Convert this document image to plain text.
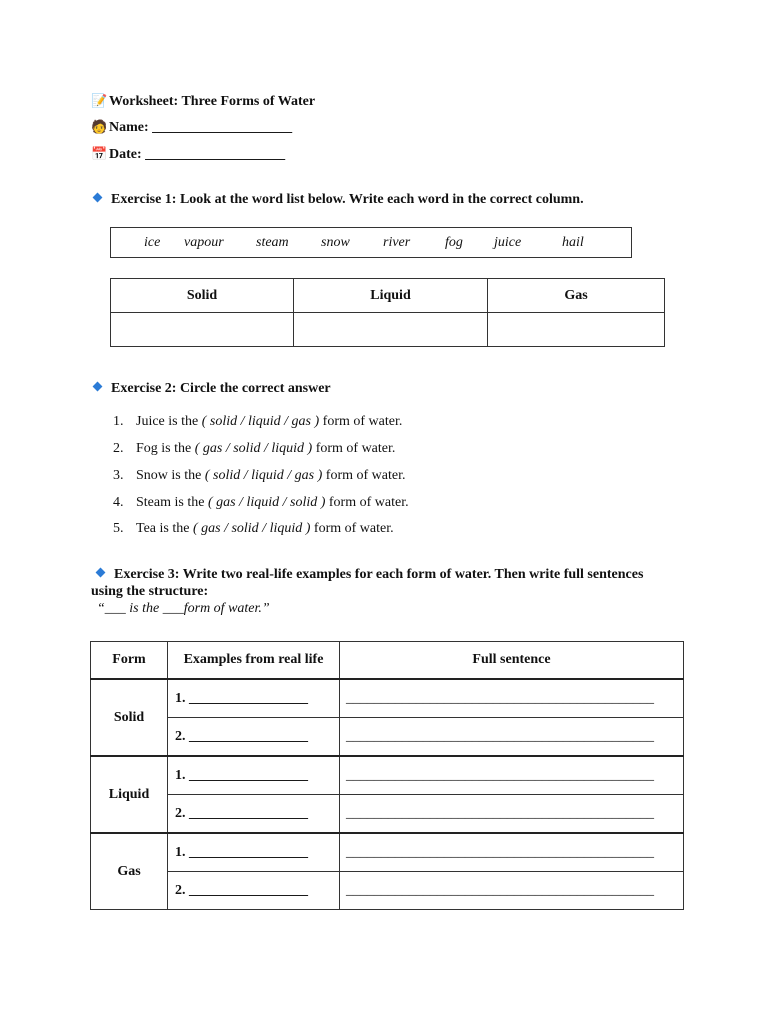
📝 Worksheet: Three Forms of Water
🧑 Name: ____________________
📅 Date: ____________________
Exercise 1: Look at the word list below. Write each word in the correct column.
ice vapour steam snow river fog juice	hail
Solid	Liquid	Gas

Exercise 2: Circle the correct answer
1. Juice is the ( solid / liquid / gas ) form of water.
2. Fog is the ( gas / solid / liquid ) form of water.
3. Snow is the ( solid / liquid / gas ) form of water.
4. Steam is the ( gas / liquid / solid ) form of water.
5. Tea is the ( gas / solid / liquid ) form of water.
Exercise 3: Write two real-life examples for each form of water. Then write full sentences using the structure:
“___ is the ___form of water.”
Form	Examples from real life	Full sentence
Solid	1. _________________	____________________________________________
	2. _________________	____________________________________________
Liquid	1. _________________	____________________________________________
	2. _________________	____________________________________________
Gas	1. _________________	____________________________________________
	2. _________________	____________________________________________
